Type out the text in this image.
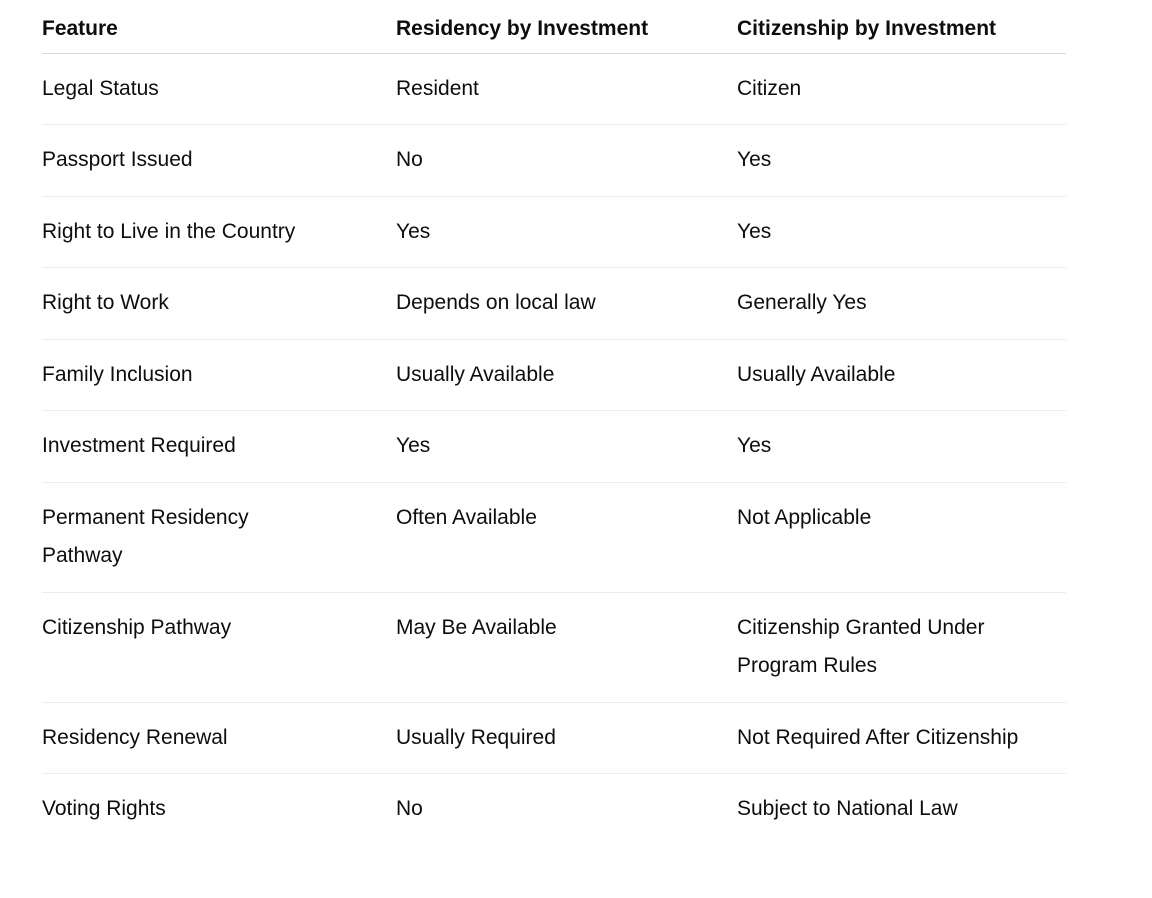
Feature	Residency by Investment	Citizenship by Investment

Legal Status	Resident	Citizen
Passport Issued	No	Yes
Right to Live in the Country	Yes	Yes
Right to Work	Depends on local law	Generally Yes
Family Inclusion	Usually Available	Usually Available
Investment Required	Yes	Yes
Permanent Residency Pathway	Often Available	Not Applicable
Citizenship Pathway	May Be Available	Citizenship Granted Under Program Rules
Residency Renewal	Usually Required	Not Required After Citizenship
Voting Rights	No	Subject to National Law
